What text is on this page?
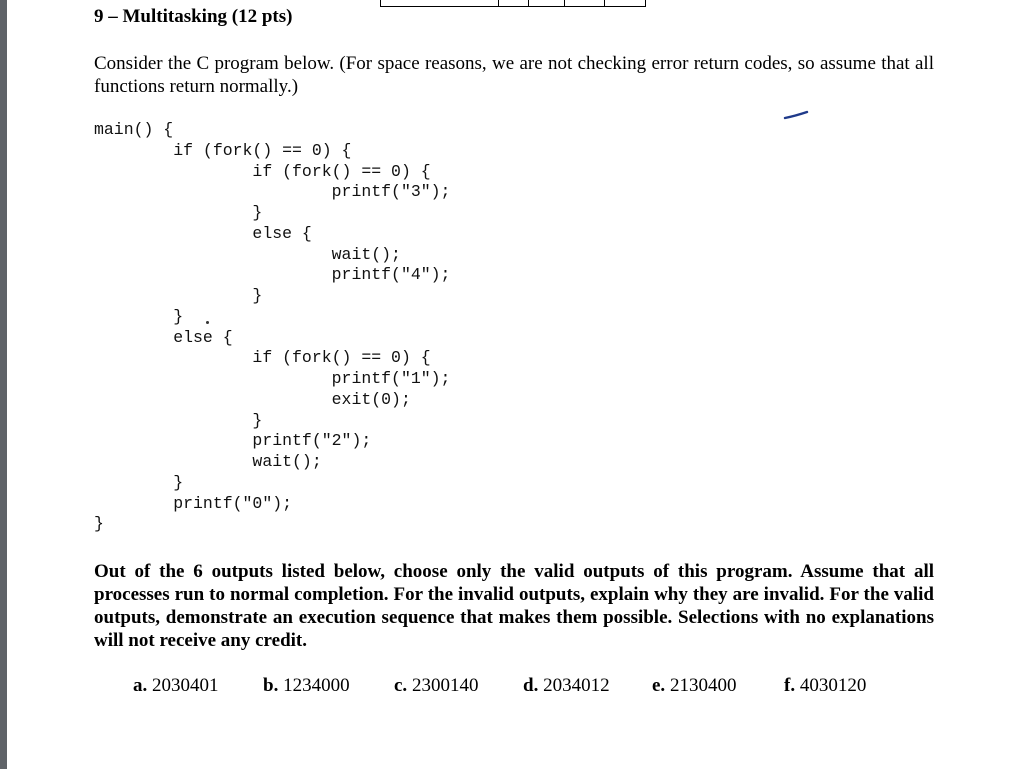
9 – Multitasking (12 pts)
Consider the C program below. (For space reasons, we are not checking error return codes, so assume that all functions return normally.)
main() {
if (fork() == 0) {
if (fork() == 0) {
printf("3");
}
else {
wait();
printf("4");
}
}
else {
if (fork() == 0) {
printf("1");
exit(0);
}
printf("2");
wait();
}
printf("0");
}
Out of the 6 outputs listed below, choose only the valid outputs of this program. Assume that all processes run to normal completion. For the invalid outputs, explain why they are invalid. For the valid outputs, demonstrate an execution sequence that makes them possible. Selections with no explanations will not receive any credit.
a. 2030401 b. 1234000 c. 2300140 d. 2034012 e. 2130400	f. 4030120
